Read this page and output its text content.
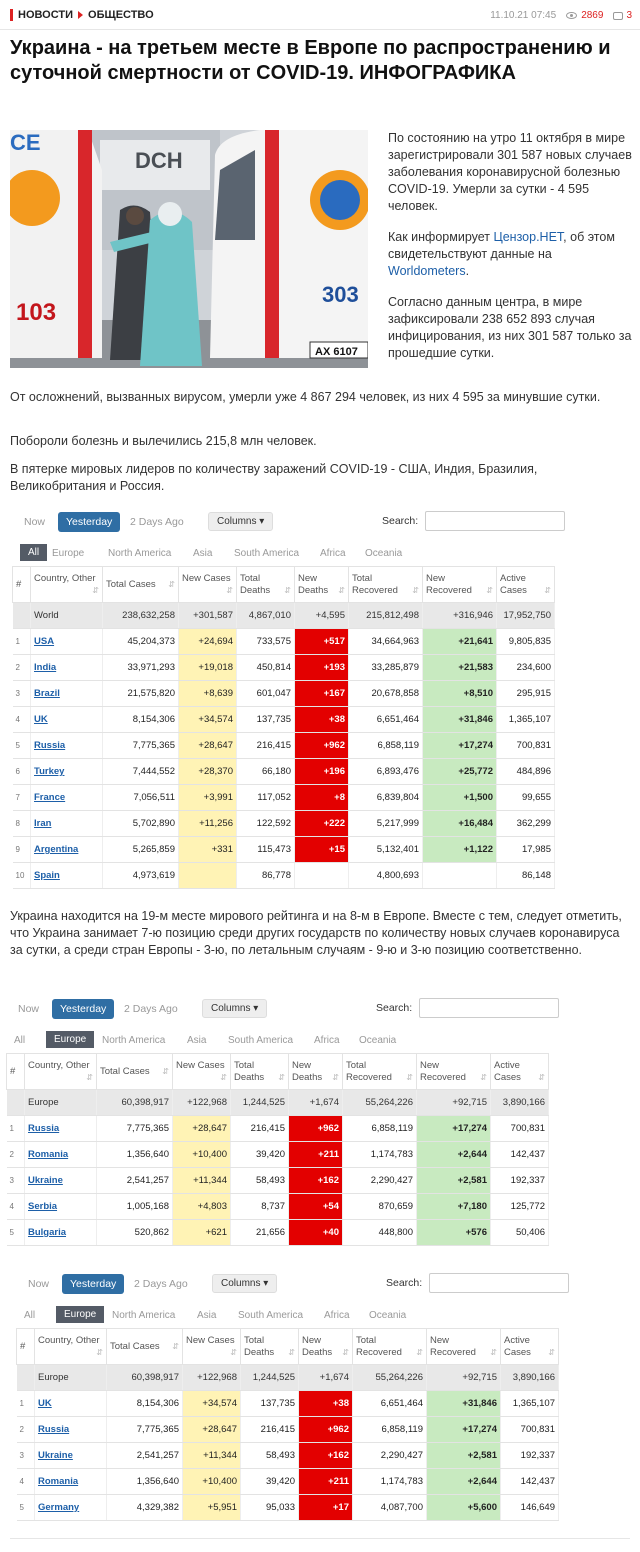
НОВОСТИ ОБЩЕСТВО	11.10.21 07:45	2869 3
Украина - на третьем месте в Европе по распространению и суточной смертности от COVID-19. ИНФОГРАФИКА
DCH
103
CE
303
AX 6107

По состоянию на утро 11 октября в мире зарегистрировали 301 587 новых случаев заболевания коронавирусной болезнью COVID-19. Умерли за сутки - 4 595 человек.

Как информирует Цензор.НЕТ, об этом свидетельствуют данные на Worldometers.

Согласно данным центра, в мире зафиксировали 238 652 893 случая инфицирования, из них 301 587 только за прошедшие сутки.

От осложнений, вызванных вирусом, умерли уже 4 867 294 человек, из них 4 595 за минувшие сутки.
Побороли болезнь и вылечились 215,8 млн человек.
В пятерке мировых лидеров по количеству заражений COVID-19 - США, Индия, Бразилия, Великобритания и Россия.
Украина находится на 19-м месте мирового рейтинга и на 8-м в Европе. Вместе с тем, следует отметить, что Украина занимает 7-ю позицию среди других государств по количеству новых случаев коронавируса за сутки, а среди стран Европы - 3-ю, по летальным случаям - 9-ю и 3-ю позицию соответственно.
Now	Yesterday	2 Days Ago	Columns ▾	Search:
All	Europe North America Asia South America Africa Oceania
#	Country, Other
⇵	Total Cases ⇵	New Cases
⇵	Total Deaths ⇵	New Deaths ⇵	Total Recovered ⇵	New Recovered ⇵	Active Cases ⇵

	World	238,632,258	+301,587	4,867,010	+4,595	215,812,498	+316,946	17,952,750
1	USA	45,204,373	+24,694	733,575	+517	34,664,963	+21,641	9,805,835
2	India	33,971,293	+19,018	450,814	+193	33,285,879	+21,583	234,600
3	Brazil	21,575,820	+8,639	601,047	+167	20,678,858	+8,510	295,915
4	UK	8,154,306	+34,574	137,735	+38	6,651,464	+31,846	1,365,107
5	Russia	7,775,365	+28,647	216,415	+962	6,858,119	+17,274	700,831
6	Turkey	7,444,552	+28,370	66,180	+196	6,893,476	+25,772	484,896
7	France	7,056,511	+3,991	117,052	+8	6,839,804	+1,500	99,655
8	Iran	5,702,890	+11,256	122,592	+222	5,217,999	+16,484	362,299
9	Argentina	5,265,859	+331	115,473	+15	5,132,401	+1,122	17,985
10	Spain	4,973,619		86,778		4,800,693		86,148
Now	Yesterday	2 Days Ago	Columns ▾	Search:
All	Europe	North America Asia South America Africa Oceania
#	Country, Other
⇵	Total Cases ⇵	New Cases
⇵	Total Deaths ⇵	New Deaths ⇵	Total Recovered ⇵	New Recovered ⇵	Active Cases ⇵

	Europe	60,398,917	+122,968	1,244,525	+1,674	55,264,226	+92,715	3,890,166
1	Russia	7,775,365	+28,647	216,415	+962	6,858,119	+17,274	700,831
2	Romania	1,356,640	+10,400	39,420	+211	1,174,783	+2,644	142,437
3	Ukraine	2,541,257	+11,344	58,493	+162	2,290,427	+2,581	192,337
4	Serbia	1,005,168	+4,803	8,737	+54	870,659	+7,180	125,772
5	Bulgaria	520,862	+621	21,656	+40	448,800	+576	50,406
Now	Yesterday	2 Days Ago	Columns ▾	Search:
All	Europe	North America Asia South America Africa Oceania
#	Country, Other
⇵	Total Cases ⇵	New Cases
⇵	Total Deaths ⇵	New Deaths ⇵	Total Recovered ⇵	New Recovered ⇵	Active Cases ⇵

	Europe	60,398,917	+122,968	1,244,525	+1,674	55,264,226	+92,715	3,890,166
1	UK	8,154,306	+34,574	137,735	+38	6,651,464	+31,846	1,365,107
2	Russia	7,775,365	+28,647	216,415	+962	6,858,119	+17,274	700,831
3	Ukraine	2,541,257	+11,344	58,493	+162	2,290,427	+2,581	192,337
4	Romania	1,356,640	+10,400	39,420	+211	1,174,783	+2,644	142,437
5	Germany	4,329,382	+5,951	95,033	+17	4,087,700	+5,600	146,649
